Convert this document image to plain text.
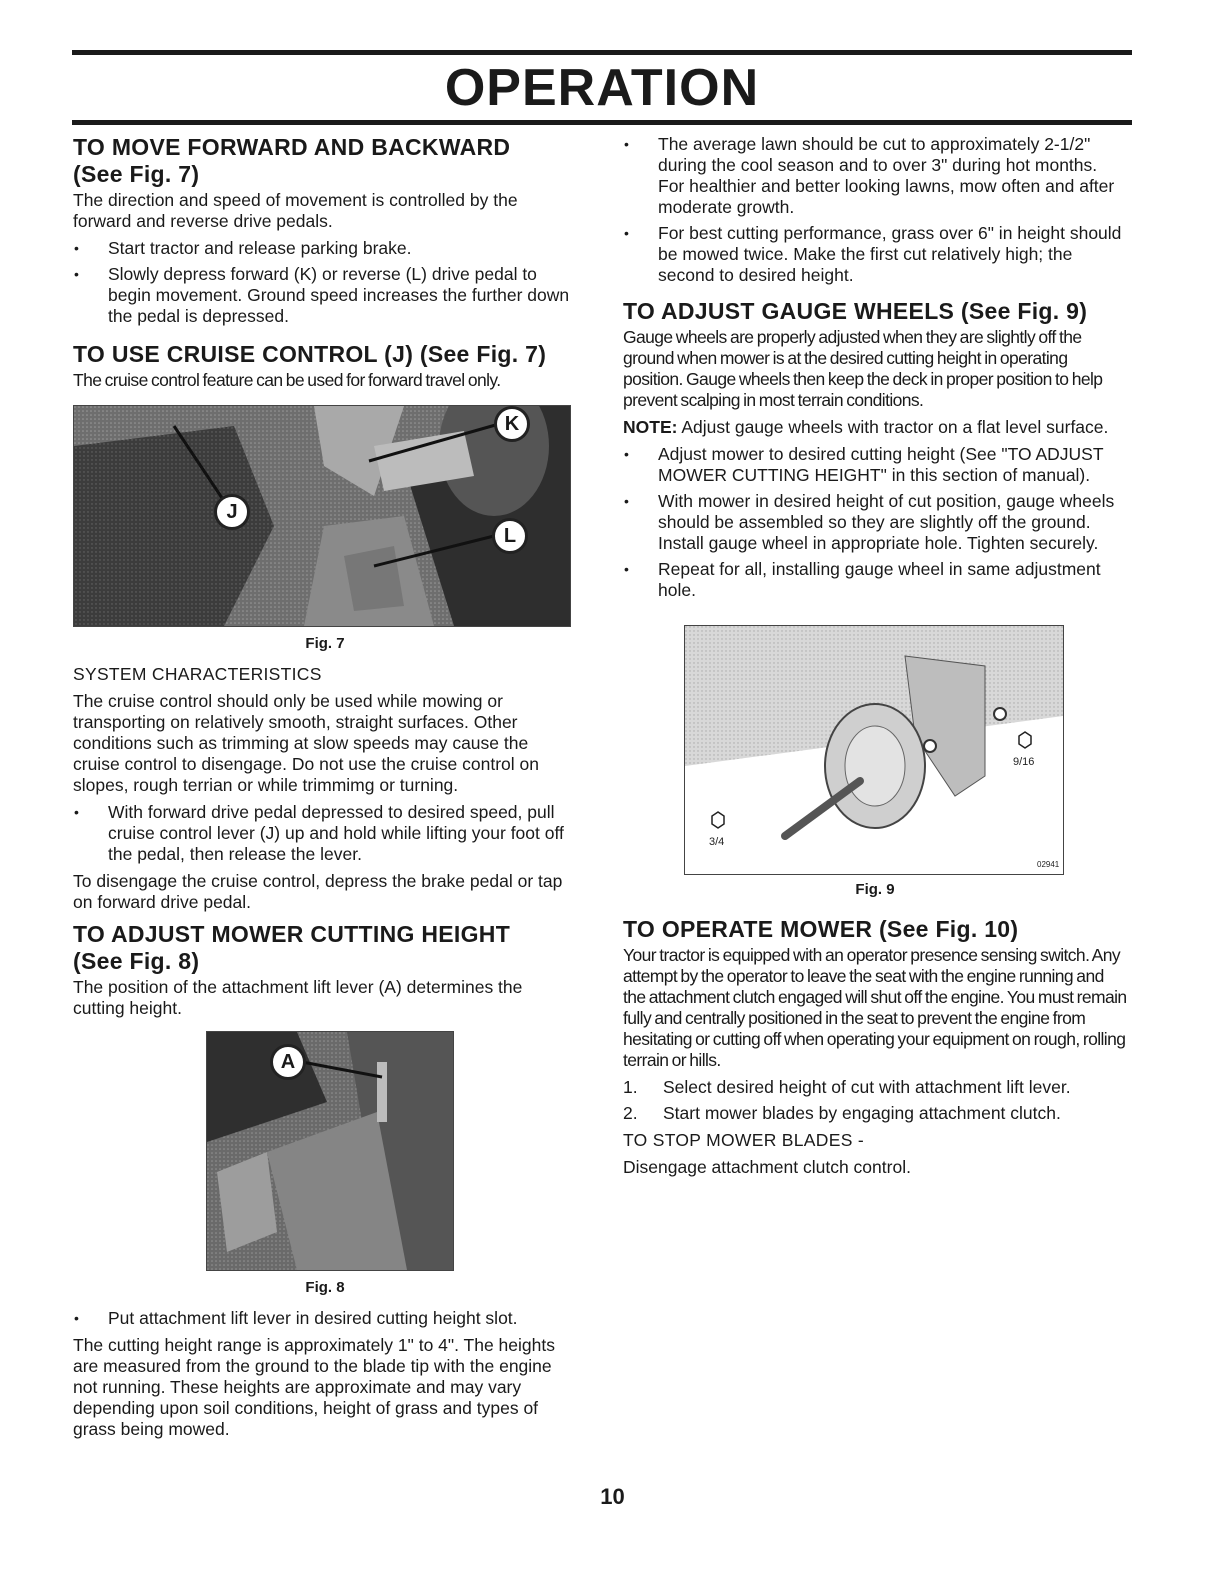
OPERATION
TO MOVE FORWARD AND BACKWARD
(See Fig. 7)

The direction and speed of movement is controlled by the forward and reverse drive pedals.

• Start tractor and release parking brake.
• Slowly depress forward (K) or reverse (L) drive pedal to begin movement. Ground speed increases the further down the pedal is depressed.
TO USE CRUISE CONTROL (J) (See Fig. 7)

The cruise control feature can be used for forward travel only.

K
J
L
Fig. 7

SYSTEM CHARACTERISTICS

The cruise control should only be used while mowing or transporting on relatively smooth, straight surfaces. Other conditions such as trimming at slow speeds may cause the cruise control to disengage. Do not use the cruise control on slopes, rough terrian or while trimmimg or turning.

• With forward drive pedal depressed to desired speed, pull cruise control lever (J) up and hold while lifting your foot off the pedal, then release the lever.

To disengage the cruise control, depress the brake pedal or tap on forward drive pedal.

TO ADJUST MOWER CUTTING HEIGHT
(See Fig. 8)

The position of the attachment lift lever (A) determines the cutting height.

A
Fig. 8
• Put attachment lift lever in desired cutting height slot.

The cutting height range is approximately 1" to 4". The heights are measured from the ground to the blade tip with the engine not running. These heights are approximate and may vary depending upon soil conditions, height of grass and types of grass being mowed.

• The average lawn should be cut to approximately 2-1/2" during the cool season and to over 3" during hot months. For healthier and better looking lawns, mow often and after moderate growth.
• For best cutting performance, grass over 6" in height should be mowed twice. Make the first cut relatively high; the second to desired height.
TO ADJUST GAUGE WHEELS (See Fig. 9)

Gauge wheels are properly adjusted when they are slightly off the ground when mower is at the desired cutting height in operating position. Gauge wheels then keep the deck in proper position to help prevent scalping in most terrain conditions.

NOTE: Adjust gauge wheels with tractor on a flat level surface.

• Adjust mower to desired cutting height (See "TO ADJUST MOWER CUTTING HEIGHT" in this section of manual).
• With mower in desired height of cut position, gauge wheels should be assembled so they are slightly off the ground. Install gauge wheel in appropriate hole. Tighten securely.
• Repeat for all, installing gauge wheel in same adjustment hole.
9/16
3/4
02941
Fig. 9
TO OPERATE MOWER (See Fig. 10)

Your tractor is equipped with an operator presence sensing switch. Any attempt by the operator to leave the seat with the engine running and the attachment clutch engaged will shut off the engine. You must remain fully and centrally positioned in the seat to prevent the engine from hesitating or cutting off when operating your equipment on rough, rolling terrain or hills.

1. Select desired height of cut with attachment lift lever.
2. Start mower blades by engaging attachment clutch.

TO STOP MOWER BLADES -

Disengage attachment clutch control.

10
